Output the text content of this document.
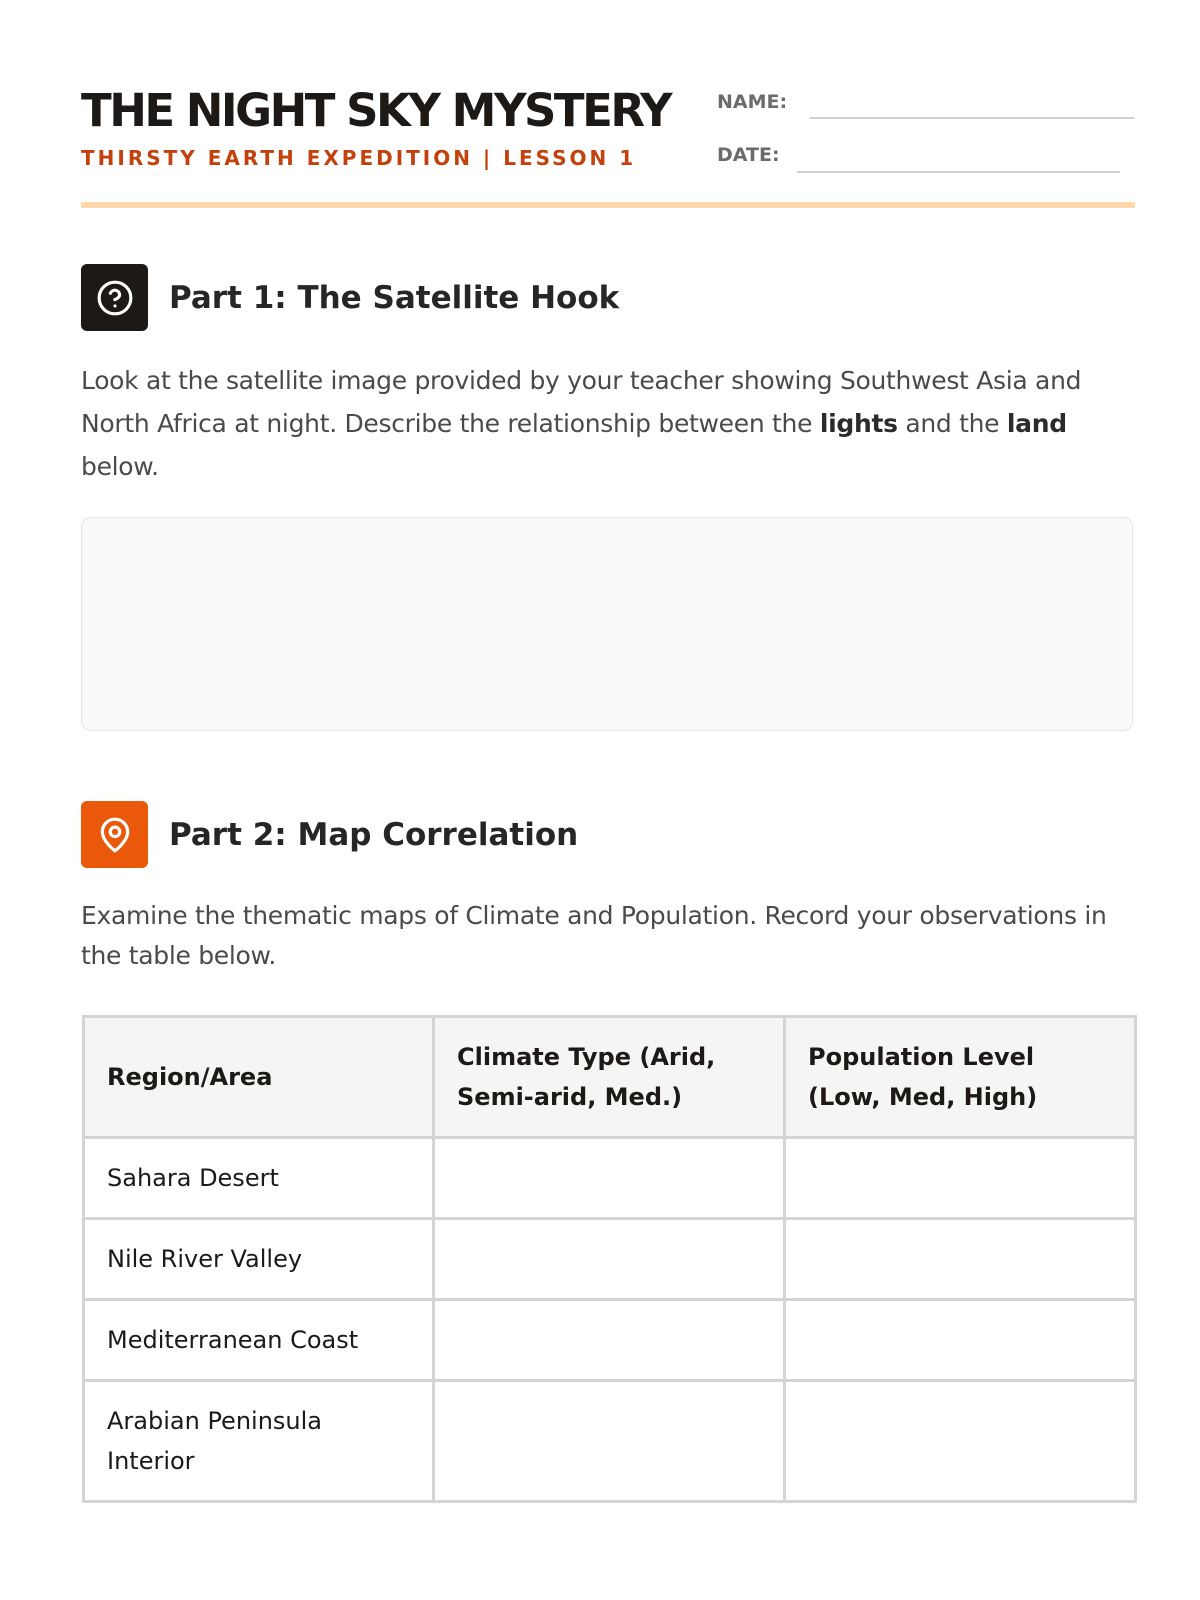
THE NIGHT SKY MYSTERY
THIRSTY EARTH EXPEDITION | LESSON 1
NAME:
DATE:
Part 1: The Satellite Hook

Look at the satellite image provided by your teacher showing Southwest Asia and North Africa at night. Describe the relationship between the lights and the land below.

Part 2: Map Correlation

Examine the thematic maps of Climate and Population. Record your observations in the table below.

Region/Area	Climate Type (Arid, Semi-arid, Med.)	Population Level (Low, Med, High)
Sahara Desert		
Nile River Valley		
Mediterranean Coast		
Arabian Peninsula Interior		
